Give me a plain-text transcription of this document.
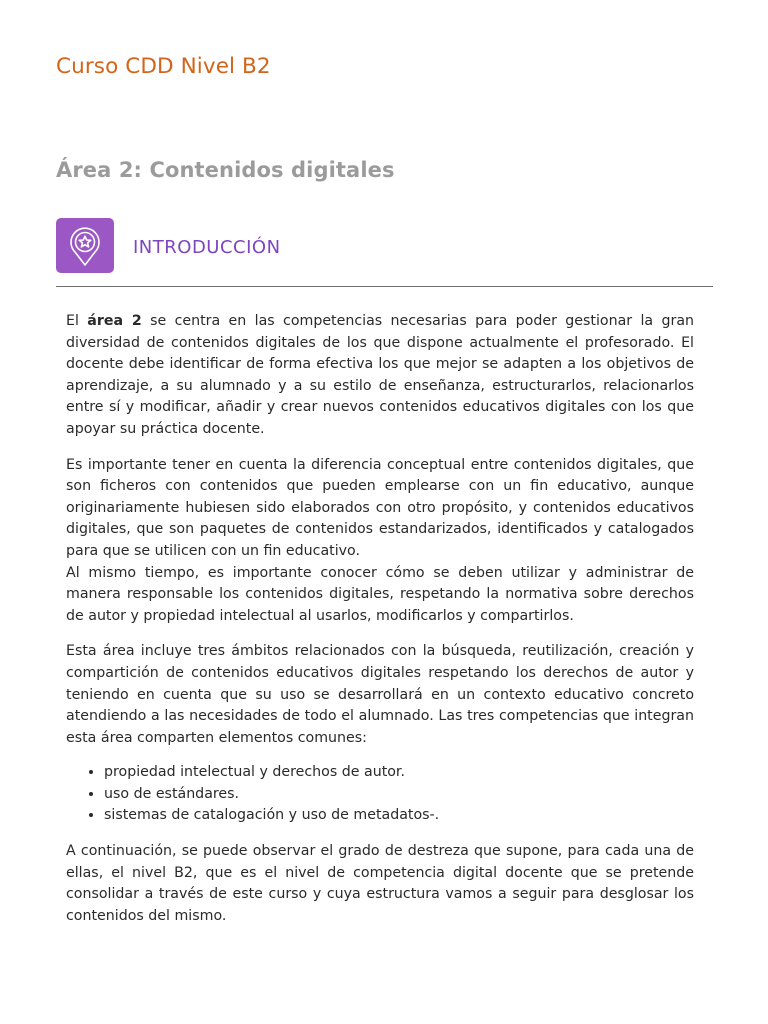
Curso CDD Nivel B2
Área 2: Contenidos digitales
INTRODUCCIÓN

El área 2 se centra en las competencias necesarias para poder gestionar la gran diversidad de contenidos digitales de los que dispone actualmente el profesorado. El docente debe identificar de forma efectiva los que mejor se adapten a los objetivos de aprendizaje, a su alumnado y a su estilo de enseñanza, estructurarlos, relacionarlos entre sí y modificar, añadir y crear nuevos contenidos educativos digitales con los que apoyar su práctica docente.

Es importante tener en cuenta la diferencia conceptual entre contenidos digitales, que son ficheros con contenidos que pueden emplearse con un fin educativo, aunque originariamente hubiesen sido elaborados con otro propósito, y contenidos educativos digitales, que son paquetes de contenidos estandarizados, identificados y catalogados para que se utilicen con un fin educativo.

Al mismo tiempo, es importante conocer cómo se deben utilizar y administrar de manera responsable los contenidos digitales, respetando la normativa sobre derechos de autor y propiedad intelectual al usarlos, modificarlos y compartirlos.

Esta área incluye tres ámbitos relacionados con la búsqueda, reutilización, creación y compartición de contenidos educativos digitales respetando los derechos de autor y teniendo en cuenta que su uso se desarrollará en un contexto educativo concreto atendiendo a las necesidades de todo el alumnado. Las tres competencias que integran esta área comparten elementos comunes:

• propiedad intelectual y derechos de autor.
• uso de estándares.
• sistemas de catalogación y uso de metadatos-.

A continuación, se puede observar el grado de destreza que supone, para cada una de ellas, el nivel B2, que es el nivel de competencia digital docente que se pretende consolidar a través de este curso y cuya estructura vamos a seguir para desglosar los contenidos del mismo.
